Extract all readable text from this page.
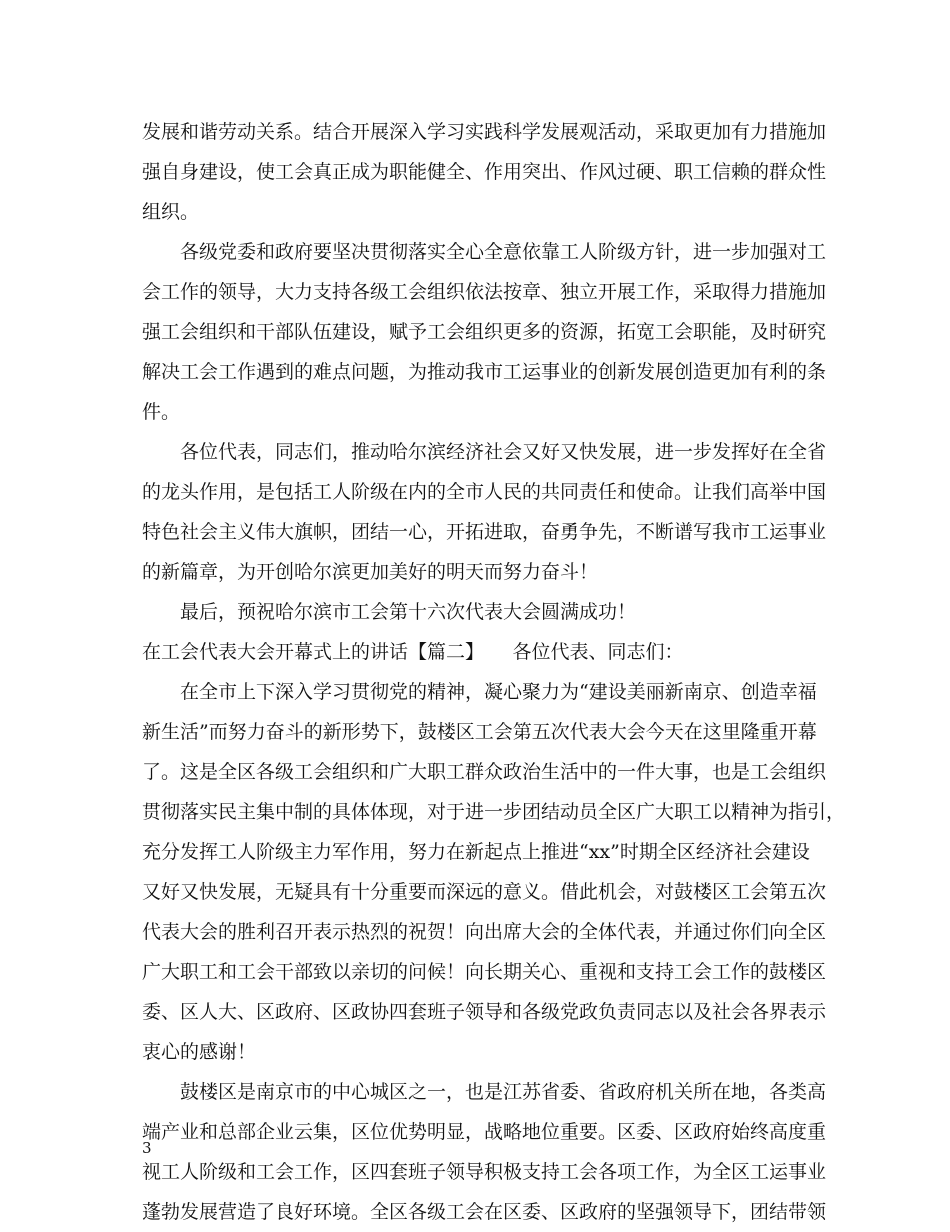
发展和谐劳动关系。结合开展深入学习实践科学发展观活动，采取更加有力措施加

强自身建设，使工会真正成为职能健全、作用突出、作风过硬、职工信赖的群众性

组织。

各级党委和政府要坚决贯彻落实全心全意依靠工人阶级方针，进一步加强对工

会工作的领导，大力支持各级工会组织依法按章、独立开展工作，采取得力措施加

强工会组织和干部队伍建设，赋予工会组织更多的资源，拓宽工会职能，及时研究

解决工会工作遇到的难点问题，为推动我市工运事业的创新发展创造更加有利的条

件。

各位代表，同志们，推动哈尔滨经济社会又好又快发展，进一步发挥好在全省

的龙头作用，是包括工人阶级在内的全市人民的共同责任和使命。让我们高举中国

特色社会主义伟大旗帜，团结一心，开拓进取，奋勇争先，不断谱写我市工运事业

的新篇章，为开创哈尔滨更加美好的明天而努力奋斗！

最后，预祝哈尔滨市工会第十六次代表大会圆满成功！

在工会代表大会开幕式上的讲话【篇二】　　各位代表、同志们：

在全市上下深入学习贯彻党的精神，凝心聚力为“建设美丽新南京、创造幸福

新生活”而努力奋斗的新形势下，鼓楼区工会第五次代表大会今天在这里隆重开幕

了。这是全区各级工会组织和广大职工群众政治生活中的一件大事，也是工会组织

贯彻落实民主集中制的具体体现，对于进一步团结动员全区广大职工以精神为指引，

充分发挥工人阶级主力军作用，努力在新起点上推进“xx”时期全区经济社会建设

又好又快发展，无疑具有十分重要而深远的意义。借此机会，对鼓楼区工会第五次

代表大会的胜利召开表示热烈的祝贺！向出席大会的全体代表，并通过你们向全区

广大职工和工会干部致以亲切的问候！向长期关心、重视和支持工会工作的鼓楼区

委、区人大、区政府、区政协四套班子领导和各级党政负责同志以及社会各界表示

衷心的感谢！

鼓楼区是南京市的中心城区之一，也是江苏省委、省政府机关所在地，各类高

端产业和总部企业云集，区位优势明显，战略地位重要。区委、区政府始终高度重

视工人阶级和工会工作，区四套班子领导积极支持工会各项工作，为全区工运事业

蓬勃发展营造了良好环境。全区各级工会在区委、区政府的坚强领导下，团结带领

3
